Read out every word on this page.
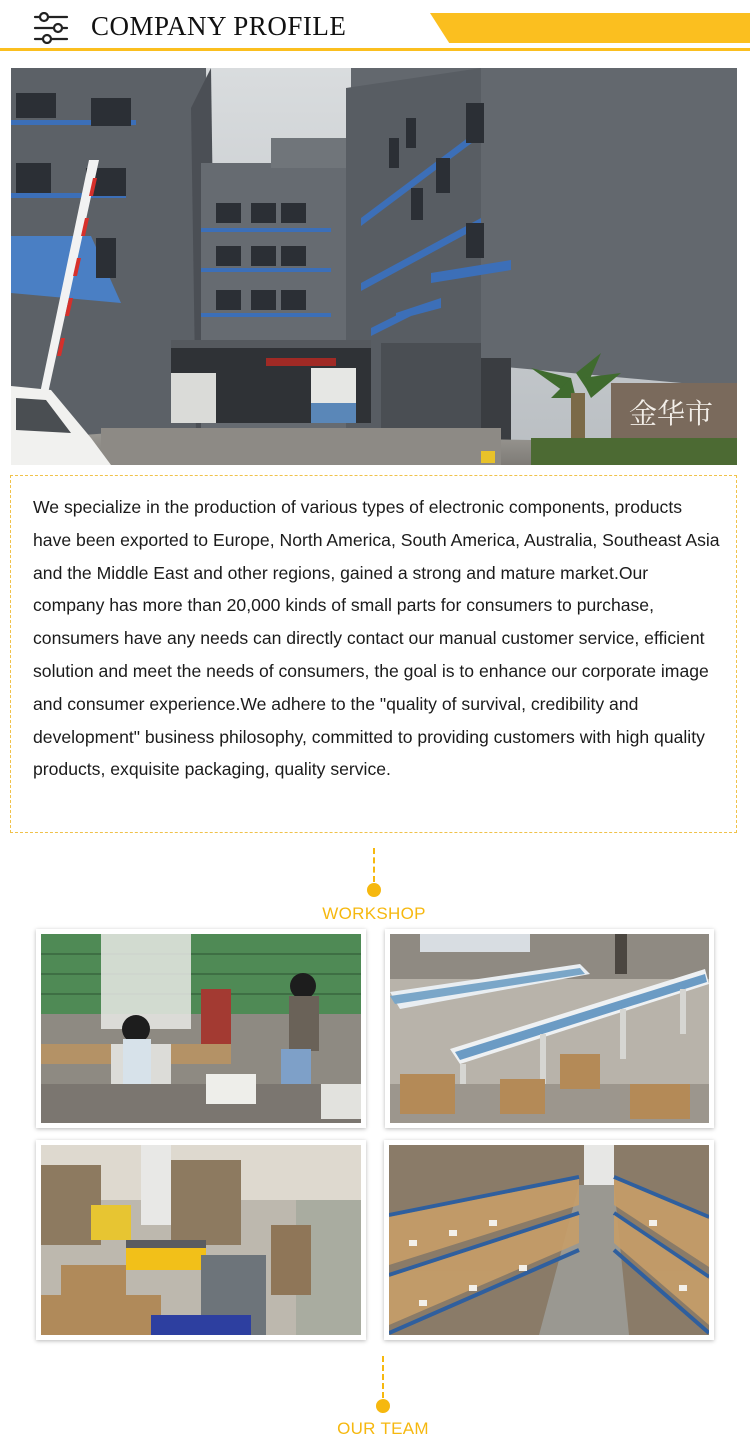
COMPANY PROFILE
金华市

We specialize in the production of various types of electronic components, products have been exported to Europe, North America, South America, Australia, Southeast Asia and the Middle East and other regions, gained a strong and mature market.Our company has more than 20,000 kinds of small parts for consumers to purchase, consumers have any needs can directly contact our manual customer service, efficient solution and meet the needs of consumers, the goal is to enhance our corporate image and consumer experience.We adhere to the "quality of survival, credibility and development" business philosophy, committed to providing customers with high quality products, exquisite packaging, quality service.

WORKSHOP
OUR TEAM
